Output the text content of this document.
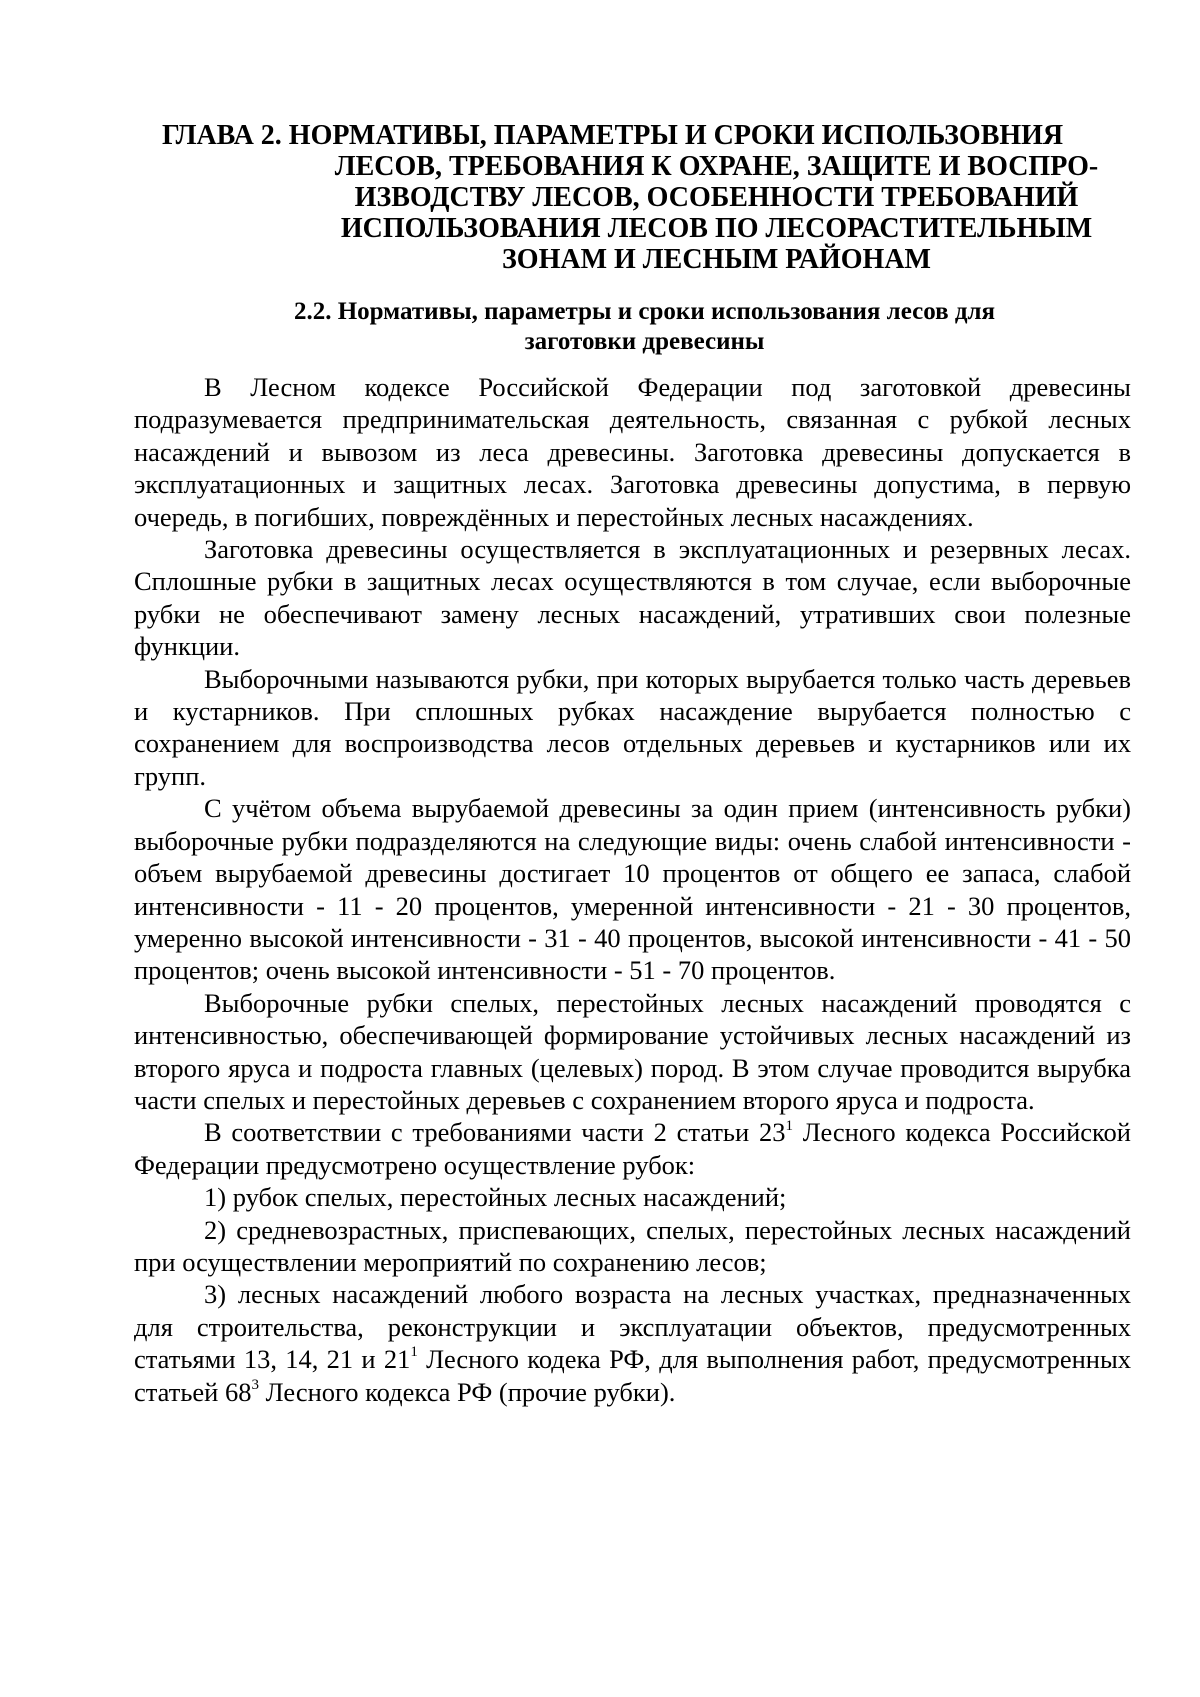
ГЛАВА 2. НОРМАТИВЫ, ПАРАМЕТРЫ И СРОКИ ИСПОЛЬЗОВНИЯ
ЛЕСОВ, ТРЕБОВАНИЯ К ОХРАНЕ, ЗАЩИТЕ И ВОСПРО-
ИЗВОДСТВУ ЛЕСОВ, ОСОБЕННОСТИ ТРЕБОВАНИЙ
ИСПОЛЬЗОВАНИЯ ЛЕСОВ ПО ЛЕСОРАСТИТЕЛЬНЫМ
ЗОНАМ И ЛЕСНЫМ РАЙОНАМ
2.2. Нормативы, параметры и сроки использования лесов для
заготовки древесины

В Лесном кодексе Российской Федерации под заготовкой древесины подразумевается предпринимательская деятельность, связанная с рубкой лесных насаждений и вывозом из леса древесины. Заготовка древесины допускается в эксплуатационных и защитных лесах. Заготовка древесины допустима, в первую очередь, в погибших, повреждённых и перестойных лесных насаждениях.

Заготовка древесины осуществляется в эксплуатационных и резервных лесах. Сплошные рубки в защитных лесах осуществляются в том случае, если выборочные рубки не обеспечивают замену лесных насаждений, утративших свои полезные функции.

Выборочными называются рубки, при которых вырубается только часть деревьев и кустарников. При сплошных рубках насаждение вырубается полностью с сохранением для воспроизводства лесов отдельных деревьев и кустарников или их групп.

С учётом объема вырубаемой древесины за один прием (интенсивность рубки) выборочные рубки подразделяются на следующие виды: очень слабой интенсивности - объем вырубаемой древесины достигает 10 процентов от общего ее запаса, слабой интенсивности - 11 - 20 процентов, умеренной интенсивности - 21 - 30 процентов, умеренно высокой интенсивности - 31 - 40 процентов, высокой интенсивности - 41 - 50 процентов; очень высокой интенсивности - 51 - 70 процентов.

Выборочные рубки спелых, перестойных лесных насаждений проводятся с интенсивностью, обеспечивающей формирование устойчивых лесных насаждений из второго яруса и подроста главных (целевых) пород. В этом случае проводится вырубка части спелых и перестойных деревьев с сохранением второго яруса и подроста.

В соответствии с требованиями части 2 статьи $23^1$ Лесного кодекса Российской Федерации предусмотрено осуществление рубок:

1) рубок спелых, перестойных лесных насаждений;

2) средневозрастных, приспевающих, спелых, перестойных лесных насаждений при осуществлении мероприятий по сохранению лесов;

3) лесных насаждений любого возраста на лесных участках, предназначенных для строительства, реконструкции и эксплуатации объектов, предусмотренных статьями 13, 14, 21 и $21^1$ Лесного кодека РФ, для выполнения работ, предусмотренных статьей $68^3$ Лесного кодекса РФ (прочие рубки).
